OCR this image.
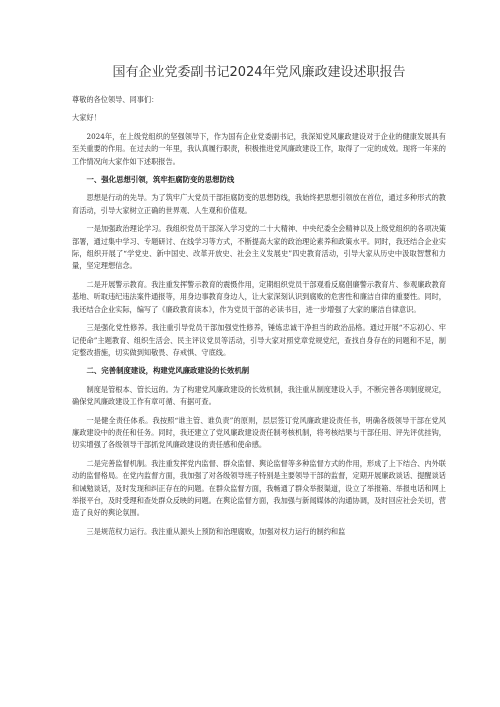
国有企业党委副书记2024年党风廉政建设述职报告

尊敬的各位领导、同事们：

大家好！

2024年，在上级党组织的坚强领导下，作为国有企业党委副书记，我深知党风廉政建设对于企业的健康发展具有至关重要的作用。在过去的一年里，我认真履行职责，积极推进党风廉政建设工作，取得了一定的成效。现将一年来的工作情况向大家作如下述职报告。

一、强化思想引领，筑牢拒腐防变的思想防线

思想是行动的先导。为了筑牢广大党员干部拒腐防变的思想防线，我始终把思想引领放在首位，通过多种形式的教育活动，引导大家树立正确的世界观、人生观和价值观。

一是加强政治理论学习。我组织党员干部深入学习党的二十大精神、中央纪委全会精神以及上级党组织的各项决策部署，通过集中学习、专题研讨、在线学习等方式，不断提高大家的政治理论素养和政策水平。同时，我还结合企业实际，组织开展了“学党史、新中国史、改革开放史、社会主义发展史”四史教育活动，引导大家从历史中汲取智慧和力量，坚定理想信念。

二是开展警示教育。我注重发挥警示教育的震慑作用，定期组织党员干部观看反腐倡廉警示教育片、参观廉政教育基地、听取违纪违法案件通报等，用身边事教育身边人，让大家深刻认识到腐败的危害性和廉洁自律的重要性。同时，我还结合企业实际，编写了《廉政教育读本》，作为党员干部的必读书目，进一步增强了大家的廉洁自律意识。

三是强化党性修养。我注重引导党员干部加强党性修养，锤炼忠诚干净担当的政治品格。通过开展“不忘初心、牢记使命”主题教育、组织生活会、民主评议党员等活动，引导大家对照党章党规党纪，查找自身存在的问题和不足，制定整改措施，切实做到知敬畏、存戒惧、守底线。

二、完善制度建设，构建党风廉政建设的长效机制

制度是管根本、管长远的。为了构建党风廉政建设的长效机制，我注重从制度建设入手，不断完善各项制度规定，确保党风廉政建设工作有章可循、有据可查。

一是健全责任体系。我按照“谁主管、谁负责”的原则，层层签订党风廉政建设责任书，明确各级领导干部在党风廉政建设中的责任和任务。同时，我还建立了党风廉政建设责任制考核机制，将考核结果与干部任用、评先评优挂钩，切实增强了各级领导干部抓党风廉政建设的责任感和使命感。

二是完善监督机制。我注重发挥党内监督、群众监督、舆论监督等多种监督方式的作用，形成了上下结合、内外联动的监督格局。在党内监督方面，我加强了对各级领导班子特别是主要领导干部的监督，定期开展廉政谈话、提醒谈话和诫勉谈话，及时发现和纠正存在的问题。在群众监督方面，我畅通了群众举报渠道，设立了举报箱、举报电话和网上举报平台，及时受理和查处群众反映的问题。在舆论监督方面，我加强与新闻媒体的沟通协调，及时回应社会关切，营造了良好的舆论氛围。

三是规范权力运行。我注重从源头上预防和治理腐败，加强对权力运行的制约和监
